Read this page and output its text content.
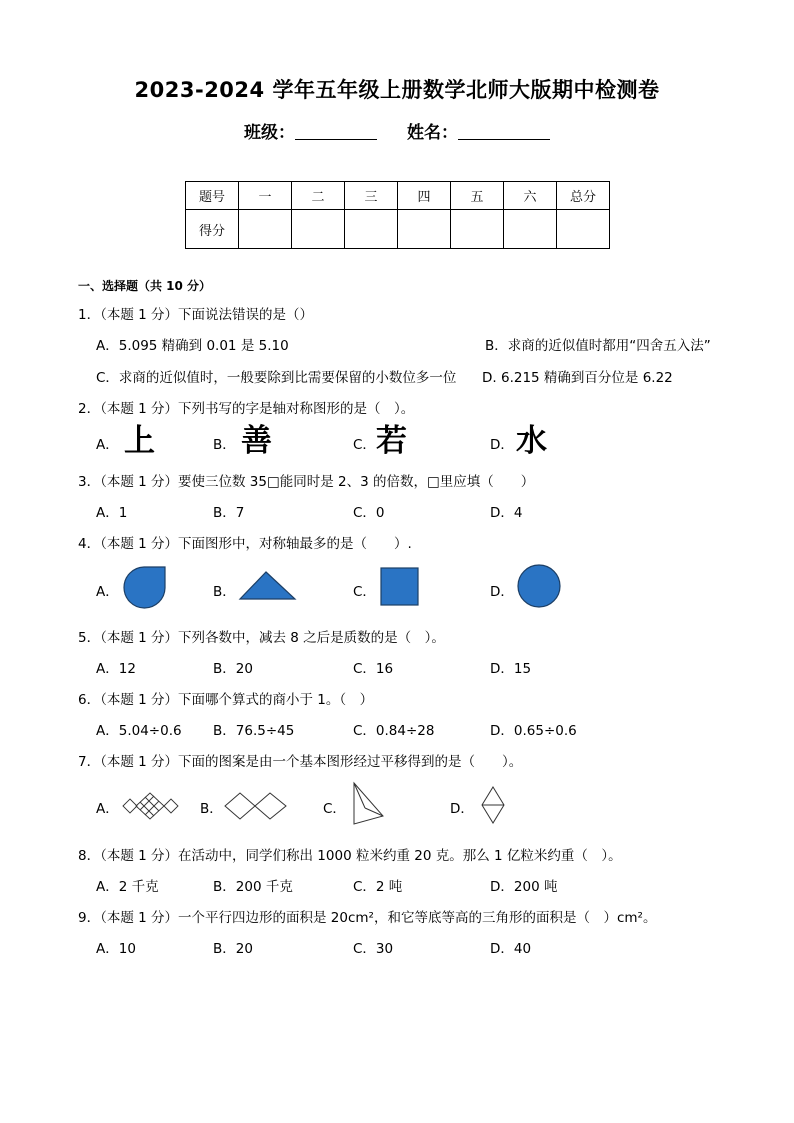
2023-2024 学年五年级上册数学北师大版期中检测卷
班级：	姓名：
题号	一	二	三	四	五	六	总分
得分							
一、选择题（共 10 分）
1．（本题 1 分）下面说法错误的是（）
A．5.095 精确到 0.01 是 5.10	B．求商的近似值时都用“四舍五入法”
C．求商的近似值时，一般要除到比需要保留的小数位多一位 D. 6.215 精确到百分位是 6.22
2．（本题 1 分）下列书写的字是轴对称图形的是（　）。
A． 上	B． 善	C． 若	D． 水
3．（本题 1 分）要使三位数 35□能同时是 2、3 的倍数，□里应填（　　）
A．1	B．7	C．0	D．4
4．（本题 1 分）下面图形中，对称轴最多的是（　　）.
A．	B．	C．	D．
5．（本题 1 分）下列各数中，减去 8 之后是质数的是（　）。
A．12	B．20	C．16	D．15
6．（本题 1 分）下面哪个算式的商小于 1。（　）
A．5.04÷0.6 B．76.5÷45	C．0.84÷28	D．0.65÷0.6
7．（本题 1 分）下面的图案是由一个基本图形经过平移得到的是（　　）。
A．	B．	C．	D．
8．（本题 1 分）在活动中，同学们称出 1000 粒米约重 20 克。那么 1 亿粒米约重（　）。
A．2 千克	B．200 千克	C．2 吨	D．200 吨
9．（本题 1 分）一个平行四边形的面积是 20cm²，和它等底等高的三角形的面积是（　）cm²。
A．10	B．20	C．30	D．40
